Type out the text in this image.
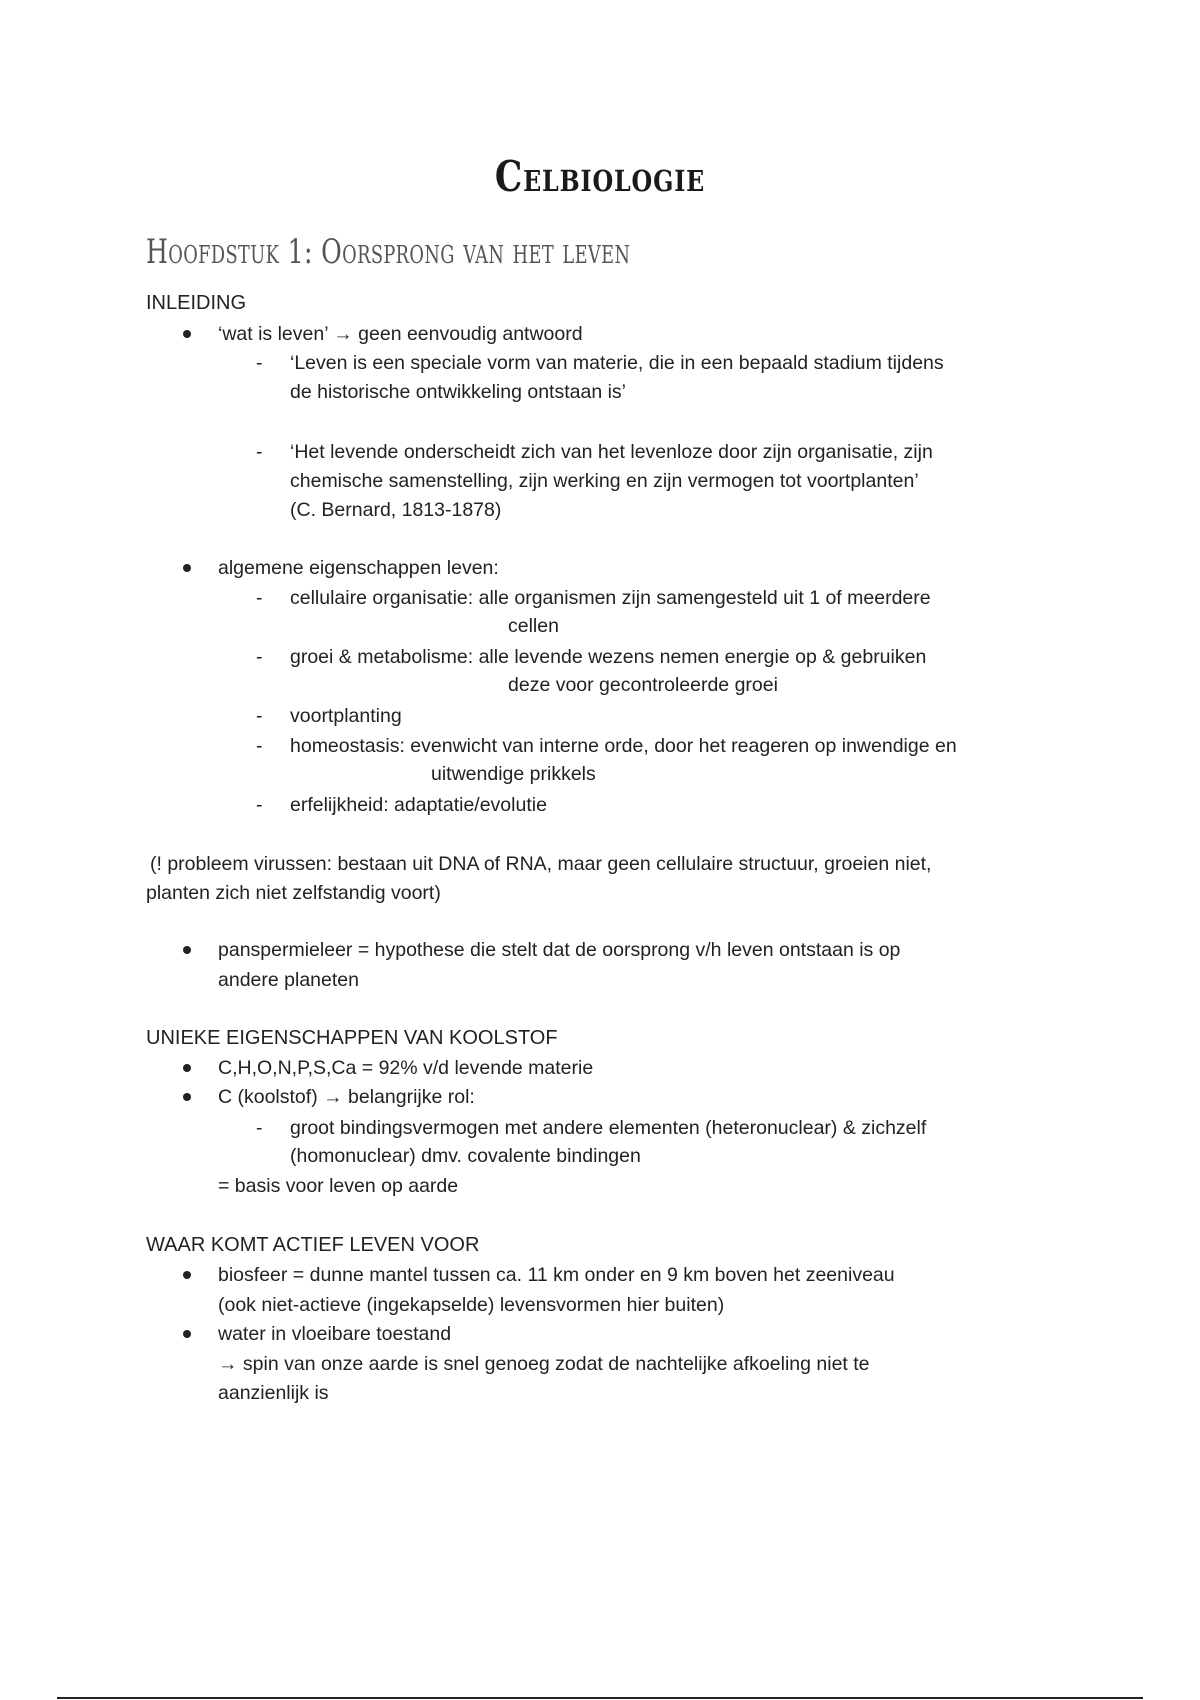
Celbiologie
Hoofdstuk 1: Oorsprong van het leven
INLEIDING
‘wat is leven’ → geen eenvoudig antwoord
- ‘Leven is een speciale vorm van materie, die in een bepaald stadium tijdens
de historische ontwikkeling ontstaan is’
- ‘Het levende onderscheidt zich van het levenloze door zijn organisatie, zijn
chemische samenstelling, zijn werking en zijn vermogen tot voortplanten’
(C. Bernard, 1813-1878)
algemene eigenschappen leven:
- cellulaire organisatie: alle organismen zijn samengesteld uit 1 of meerdere
cellen
- groei & metabolisme: alle levende wezens nemen energie op & gebruiken
deze voor gecontroleerde groei
- voortplanting
- homeostasis: evenwicht van interne orde, door het reageren op inwendige en
uitwendige prikkels
- erfelijkheid: adaptatie/evolutie
(! probleem virussen: bestaan uit DNA of RNA, maar geen cellulaire structuur, groeien niet,
planten zich niet zelfstandig voort)
panspermieleer = hypothese die stelt dat de oorsprong v/h leven ontstaan is op
andere planeten
UNIEKE EIGENSCHAPPEN VAN KOOLSTOF
C,H,O,N,P,S,Ca = 92% v/d levende materie
C (koolstof) → belangrijke rol:
- groot bindingsvermogen met andere elementen (heteronuclear) & zichzelf
(homonuclear) dmv. covalente bindingen
= basis voor leven op aarde
WAAR KOMT ACTIEF LEVEN VOOR
biosfeer = dunne mantel tussen ca. 11 km onder en 9 km boven het zeeniveau
(ook niet-actieve (ingekapselde) levensvormen hier buiten)
water in vloeibare toestand
→ spin van onze aarde is snel genoeg zodat de nachtelijke afkoeling niet te
aanzienlijk is
